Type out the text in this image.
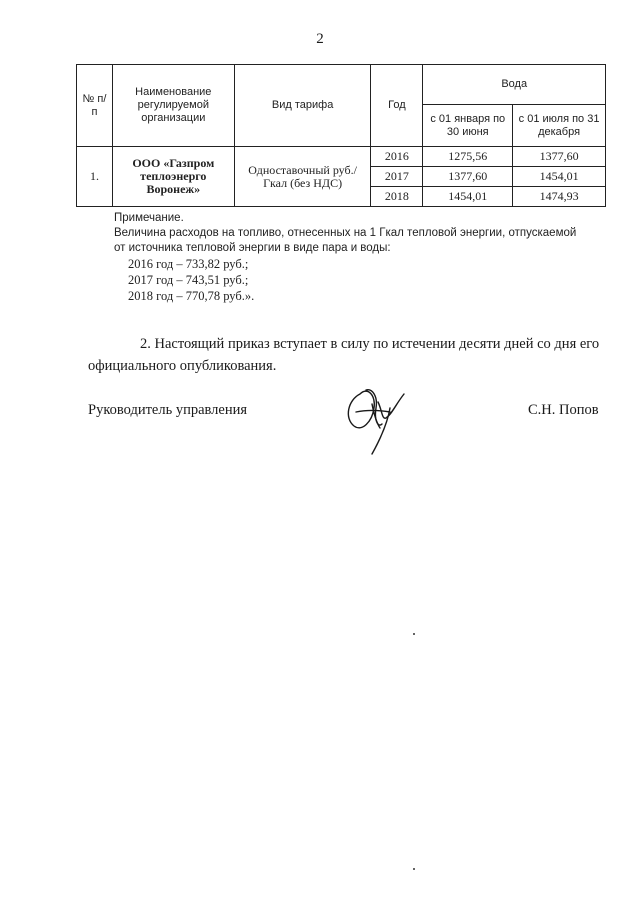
2
№ п/п	Наименование регулируемой организации	Вид тарифа	Год	Вода	
				с 01 января по 30 июня	с 01 июля по 31 декабря
1.	ООО «Газпром теплоэнерго Воронеж»	Одноставочный руб./Гкал (без НДС)	2016	1275,56	1377,60
			2017	1377,60	1454,01
			2018	1454,01	1474,93
Примечание.
Величина расходов на топливо, отнесенных на 1 Гкал тепловой энергии, отпускаемой
от источника тепловой энергии в виде пара и воды:
2016 год – 733,82 руб.;
2017 год – 743,51 руб.;
2018 год – 770,78 руб.».
2. Настоящий приказ вступает в силу по истечении десяти дней со дня его официального опубликования.
Руководитель управления	С.Н. Попов
